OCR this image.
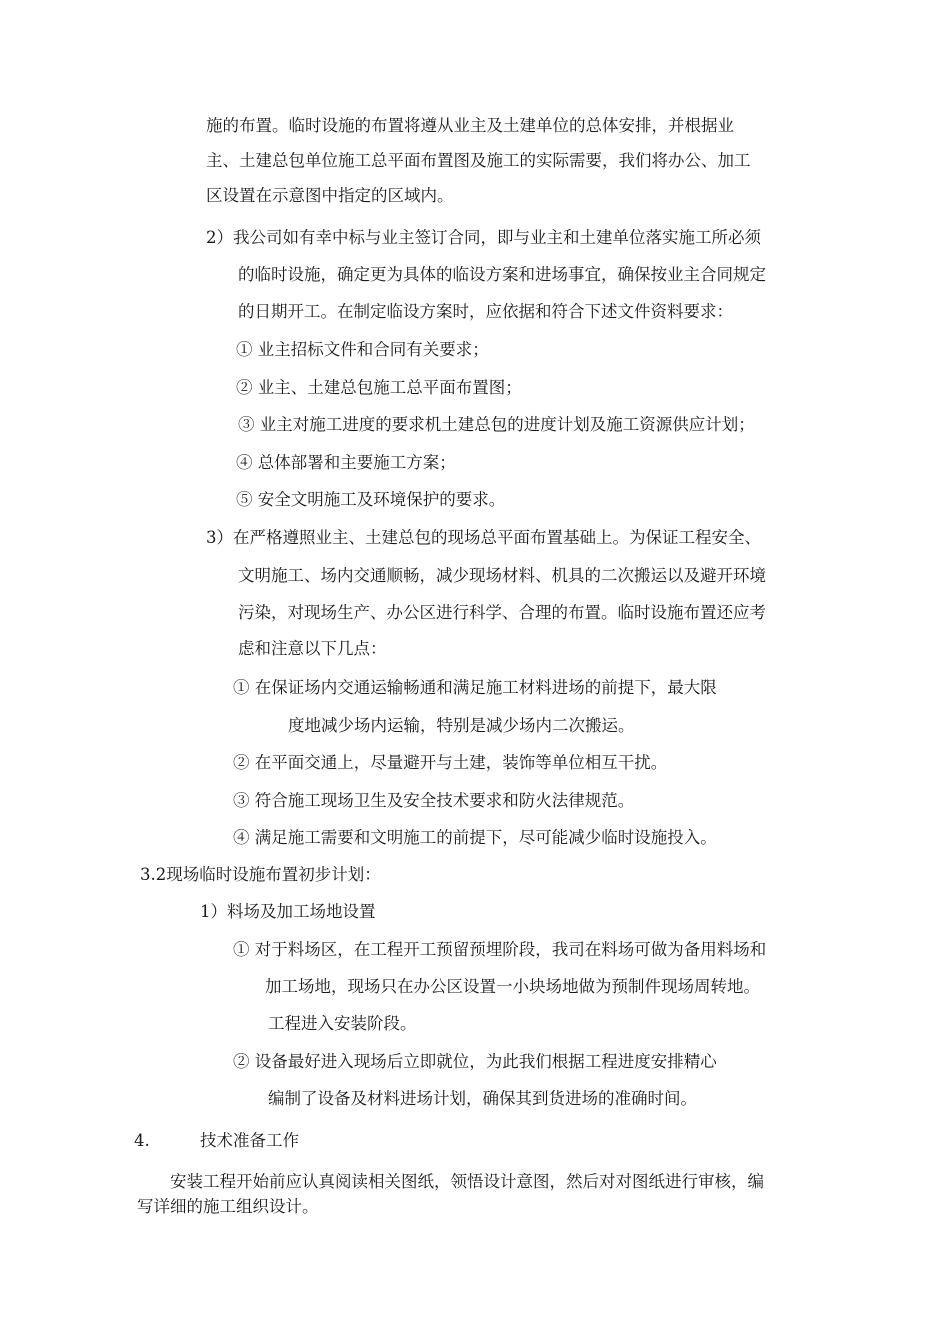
施的布置。临时设施的布置将遵从业主及土建单位的总体安排，并根据业
主、土建总包单位施工总平面布置图及施工的实际需要，我们将办公、加工
区设置在示意图中指定的区域内。
2）我公司如有幸中标与业主签订合同，即与业主和土建单位落实施工所必须
的临时设施，确定更为具体的临设方案和进场事宜，确保按业主合同规定
的日期开工。在制定临设方案时，应依据和符合下述文件资料要求：
① 业主招标文件和合同有关要求；
② 业主、土建总包施工总平面布置图；
③ 业主对施工进度的要求机土建总包的进度计划及施工资源供应计划；
④ 总体部署和主要施工方案；
⑤ 安全文明施工及环境保护的要求。
3）在严格遵照业主、土建总包的现场总平面布置基础上。为保证工程安全、
文明施工、场内交通顺畅，减少现场材料、机具的二次搬运以及避开环境
污染，对现场生产、办公区进行科学、合理的布置。临时设施布置还应考
虑和注意以下几点：
① 在保证场内交通运输畅通和满足施工材料进场的前提下，最大限
度地减少场内运输，特别是减少场内二次搬运。
② 在平面交通上，尽量避开与土建，装饰等单位相互干扰。
③ 符合施工现场卫生及安全技术要求和防火法律规范。
④ 满足施工需要和文明施工的前提下，尽可能减少临时设施投入。
3.2现场临时设施布置初步计划：
1）料场及加工场地设置
① 对于料场区，在工程开工预留预埋阶段，我司在料场可做为备用料场和
加工场地，现场只在办公区设置一小块场地做为预制件现场周转地。
工程进入安装阶段。
② 设备最好进入现场后立即就位，为此我们根据工程进度安排精心
编制了设备及材料进场计划，确保其到货进场的准确时间。
4.	技术准备工作
安装工程开始前应认真阅读相关图纸，领悟设计意图，然后对对图纸进行审核，编
写详细的施工组织设计。
